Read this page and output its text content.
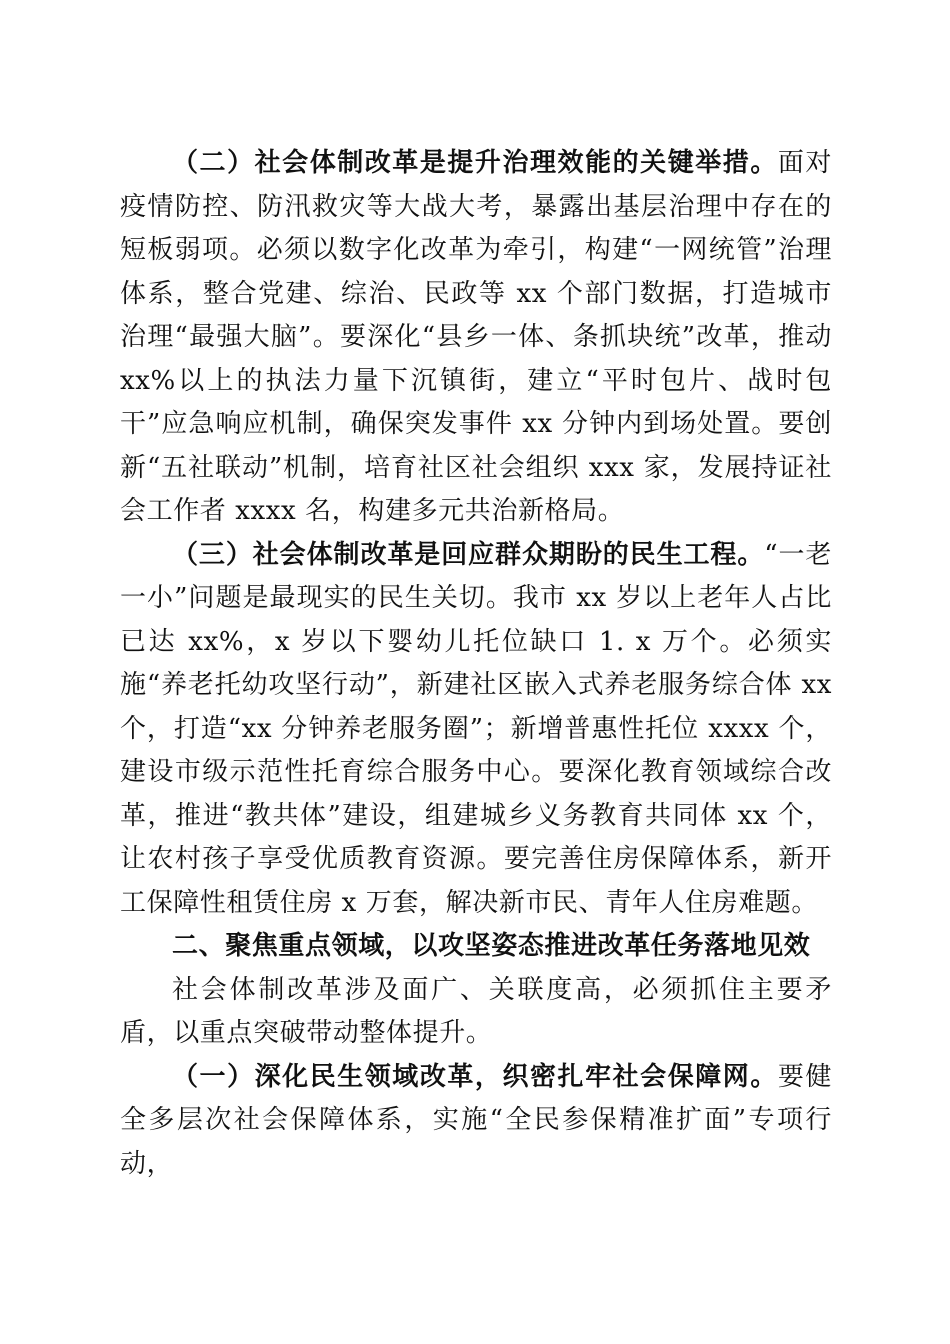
（二）社会体制改革是提升治理效能的关键举措。面对疫情防控、防汛救灾等大战大考，暴露出基层治理中存在的短板弱项。必须以数字化改革为牵引，构建“一网统管”治理体系，整合党建、综治、民政等 xx 个部门数据，打造城市治理“最强大脑”。要深化“县乡一体、条抓块统”改革，推动 xx%以上的执法力量下沉镇街，建立“平时包片、战时包干”应急响应机制，确保突发事件 xx 分钟内到场处置。要创新“五社联动”机制，培育社区社会组织 xxx 家，发展持证社会工作者 xxxx 名，构建多元共治新格局。

（三）社会体制改革是回应群众期盼的民生工程。“一老一小”问题是最现实的民生关切。我市 xx 岁以上老年人占比已达 xx%，x 岁以下婴幼儿托位缺口 1. x 万个。必须实施“养老托幼攻坚行动”，新建社区嵌入式养老服务综合体 xx 个，打造“xx 分钟养老服务圈”；新增普惠性托位 xxxx 个，建设市级示范性托育综合服务中心。要深化教育领域综合改革，推进“教共体”建设，组建城乡义务教育共同体 xx 个，让农村孩子享受优质教育资源。要完善住房保障体系，新开工保障性租赁住房 x 万套，解决新市民、青年人住房难题。

二、聚焦重点领域，以攻坚姿态推进改革任务落地见效

社会体制改革涉及面广、关联度高，必须抓住主要矛盾，以重点突破带动整体提升。

（一）深化民生领域改革，织密扎牢社会保障网。要健全多层次社会保障体系，实施“全民参保精准扩面”专项行动，
